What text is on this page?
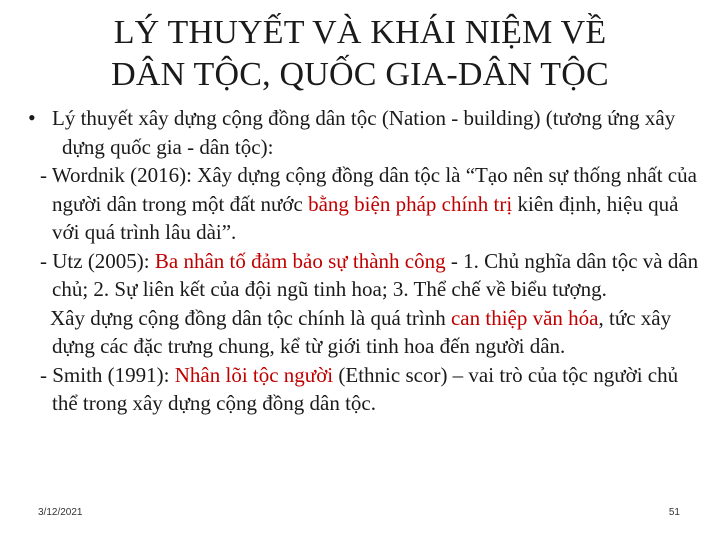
LÝ THUYẾT VÀ KHÁI NIỆM VỀ
DÂN TỘC, QUỐC GIA-DÂN TỘC
• Lý thuyết xây dựng cộng đồng dân tộc (Nation - building) (tương ứng xây dựng quốc gia - dân tộc):
- Wordnik (2016): Xây dựng cộng đồng dân tộc là “Tạo nên sự thống nhất của người dân trong một đất nước bằng biện pháp chính trị kiên định, hiệu quả với quá trình lâu dài”.
- Utz (2005): Ba nhân tố đảm bảo sự thành công - 1. Chủ nghĩa dân tộc và dân chủ; 2. Sự liên kết của đội ngũ tinh hoa; 3. Thể chế về biểu tượng.
Xây dựng cộng đồng dân tộc chính là quá trình can thiệp văn hóa, tức xây dựng các đặc trưng chung, kể từ giới tinh hoa đến người dân.
- Smith (1991): Nhân lõi tộc người (Ethnic scor) – vai trò của tộc người chủ thể trong xây dựng cộng đồng dân tộc.
3/12/2021	51
